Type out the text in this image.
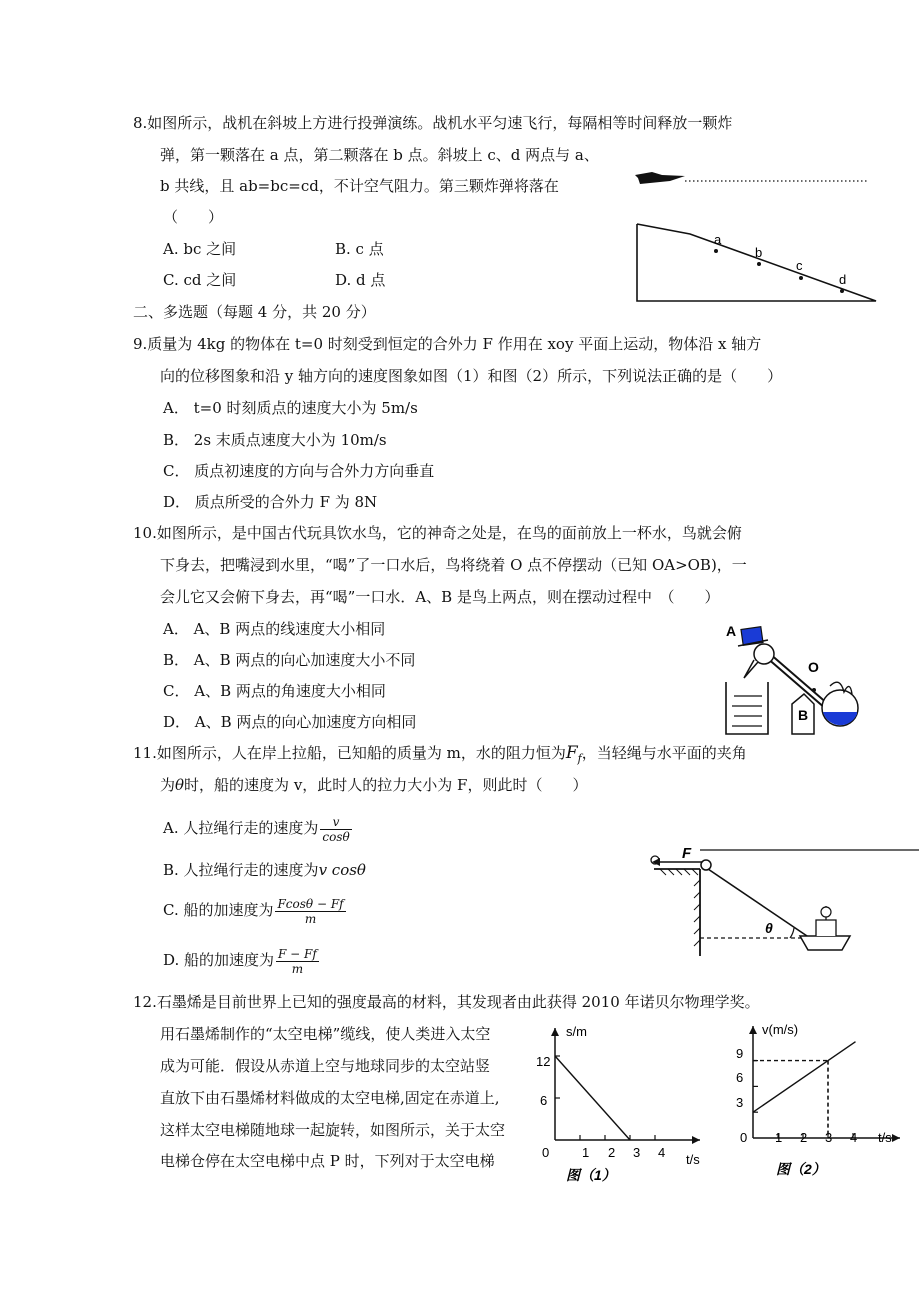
8.如图所示，战机在斜坡上方进行投弹演练。战机水平匀速飞行，每隔相等时间释放一颗炸
弹，第一颗落在 a 点，第二颗落在 b 点。斜坡上 c、d 两点与 a、
b 共线，且 ab=bc=cd，不计空气阻力。第三颗炸弹将落在
（　　）
A. bc 之间	B. c 点
C. cd 之间	D. d 点
a
b
c
d
二、多选题（每题 4 分，共 20 分）
9.质量为 4kg 的物体在 t=0 时刻受到恒定的合外力 F 作用在 xoy 平面上运动，物体沿 x 轴方
向的位移图象和沿 y 轴方向的速度图象如图（1）和图（2）所示，下列说法正确的是（　　）
A． t=0 时刻质点的速度大小为 5m/s
B． 2s 末质点速度大小为 10m/s
C． 质点初速度的方向与合外力方向垂直
D． 质点所受的合外力 F 为 8N
10.如图所示，是中国古代玩具饮水鸟，它的神奇之处是，在鸟的面前放上一杯水，鸟就会俯
下身去，把嘴浸到水里，“喝”了一口水后，鸟将绕着 O 点不停摆动（已知 OA>OB)，一
会儿它又会俯下身去，再“喝”一口水．A、B 是鸟上两点，则在摆动过程中　（　　）
A． A、B 两点的线速度大小相同
B． A、B 两点的向心加速度大小不同
C． A、B 两点的角速度大小相同
D． A、B 两点的向心加速度方向相同
A
O
B
11.如图所示，人在岸上拉船，已知船的质量为 m，水的阻力恒为$F_f$，当轻绳与水平面的夹角
为θ时，船的速度为 v，此时人的拉力大小为 F，则此时（　　）
A. 人拉绳行走的速度为 $\frac{v}{\cos\theta}$
B. 人拉绳行走的速度为v cosθ
C. 船的加速度为 $\frac{Fcos\theta - Ff}{m}$
D. 船的加速度为 $\frac{F - Ff}{m}$
F
θ
12.石墨烯是目前世界上已知的强度最高的材料，其发现者由此获得 2010 年诺贝尔物理学奖。
用石墨烯制作的“太空电梯”缆线，使人类进入太空
成为可能．假设从赤道上空与地球同步的太空站竖
直放下由石墨烯材料做成的太空电梯,固定在赤道上,
这样太空电梯随地球一起旋转，如图所示，关于太空
电梯仓停在太空电梯中点 P 时，下列对于太空电梯
s/m
t/s
12
6
0	1 2 3 4
图（1）
v(m/s)
t/s
9
6
3
0 1 2 3 4
图（2）
